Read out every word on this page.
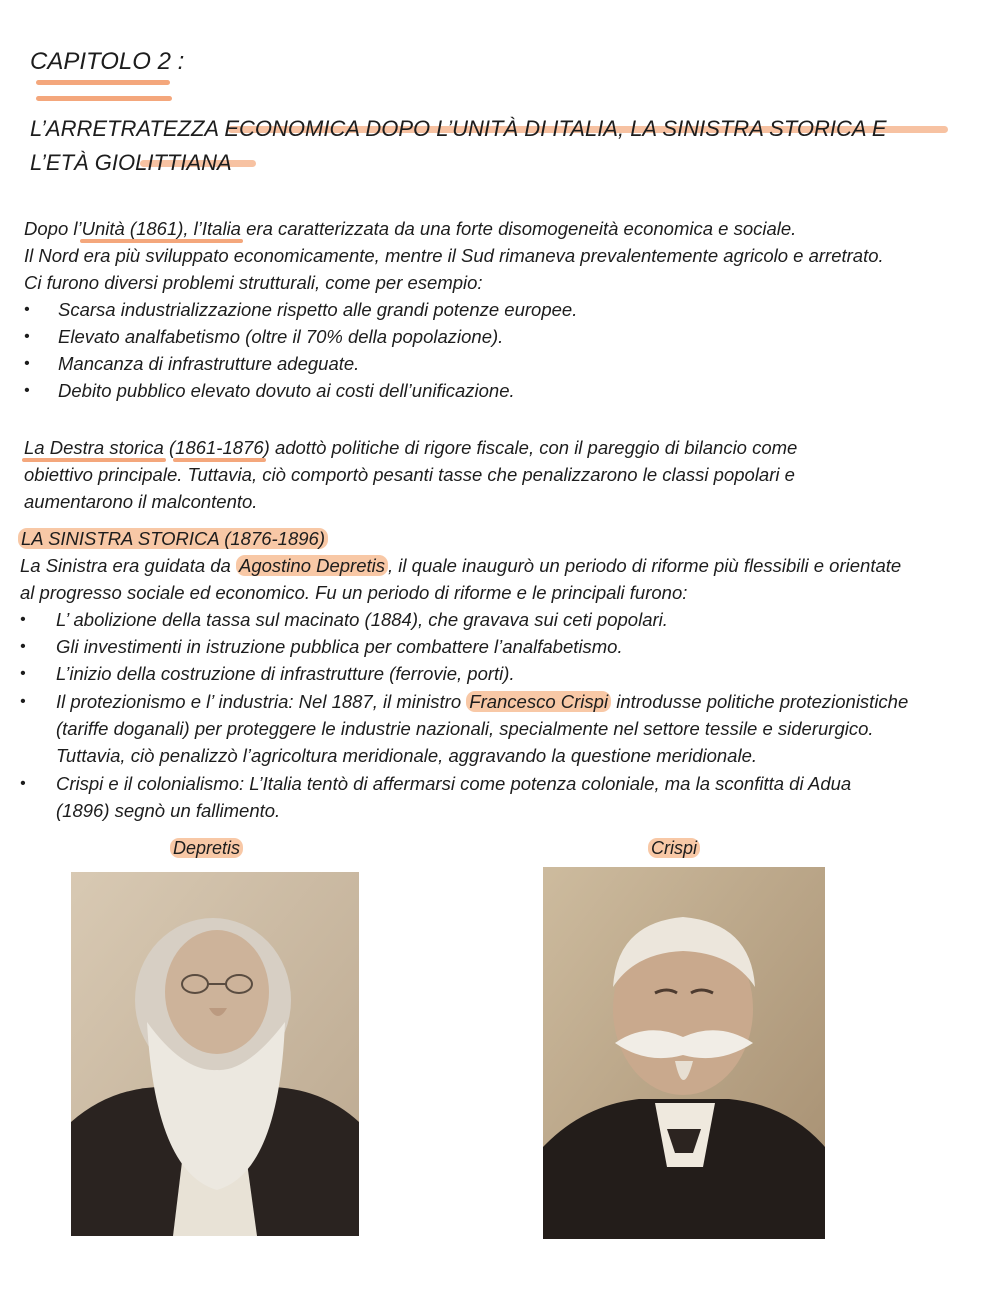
CAPITOLO 2 :
L’ARRETRATEZZA ECONOMICA DOPO L’UNITÀ DI ITALIA, LA SINISTRA STORICA E
L’ETÀ GIOLITTIANA
Dopo l’Unità (1861), l’Italia era caratterizzata da una forte disomogeneità economica e sociale.
Il Nord era più sviluppato economicamente, mentre il Sud rimaneva prevalentemente agricolo e arretrato.
Ci furono diversi problemi strutturali, come per esempio:
• Scarsa industrializzazione rispetto alle grandi potenze europee.
• Elevato analfabetismo (oltre il 70% della popolazione).
• Mancanza di infrastrutture adeguate.
• Debito pubblico elevato dovuto ai costi dell’unificazione.
La Destra storica (1861-1876) adottò politiche di rigore fiscale, con il pareggio di bilancio come
obiettivo principale. Tuttavia, ciò comportò pesanti tasse che penalizzarono le classi popolari e
aumentarono il malcontento.
LA SINISTRA STORICA (1876-1896)
La Sinistra era guidata da Agostino Depretis , il quale inaugurò un periodo di riforme più flessibili e orientate
al progresso sociale ed economico. Fu un periodo di riforme e le principali furono:
• L’ abolizione della tassa sul macinato (1884), che gravava sui ceti popolari.
• Gli investimenti in istruzione pubblica per combattere l’analfabetismo.
• L’inizio della costruzione di infrastrutture (ferrovie, porti).
• Il protezionismo e l’ industria: Nel 1887, il ministro Francesco Crispi introdusse politiche protezionistiche
(tariffe doganali) per proteggere le industrie nazionali, specialmente nel settore tessile e siderurgico.
Tuttavia, ciò penalizzò l’agricoltura meridionale, aggravando la questione meridionale.
• Crispi e il colonialismo: L’Italia tentò di affermarsi come potenza coloniale, ma la sconfitta di Adua
(1896) segnò un fallimento.
Depretis	Crispi
